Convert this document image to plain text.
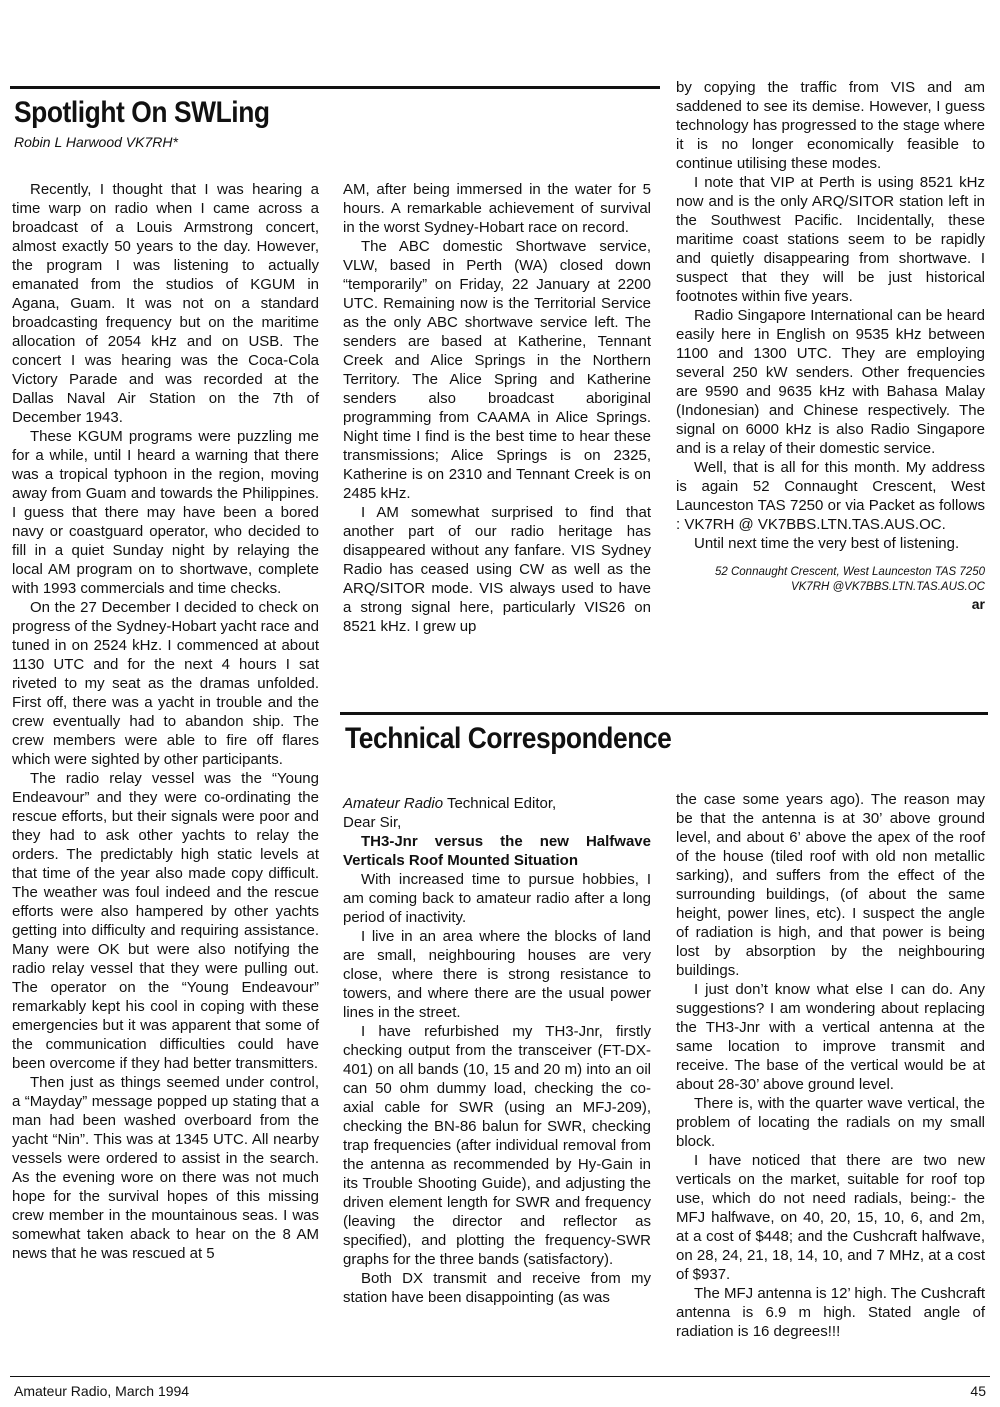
Spotlight On SWLing
Robin L Harwood VK7RH*

Recently, I thought that I was hearing a time warp on radio when I came across a broadcast of a Louis Armstrong concert, almost exactly 50 years to the day. However, the program I was listening to actually emanated from the studios of KGUM in Agana, Guam. It was not on a standard broadcasting frequency but on the maritime allocation of 2054 kHz and on USB. The concert I was hearing was the Coca-Cola Victory Parade and was recorded at the Dallas Naval Air Station on the 7th of December 1943.

These KGUM programs were puzzling me for a while, until I heard a warning that there was a tropical typhoon in the region, moving away from Guam and towards the Philippines. I guess that there may have been a bored navy or coastguard operator, who decided to fill in a quiet Sunday night by relaying the local AM program on to shortwave, complete with 1993 commercials and time checks.

On the 27 December I decided to check on progress of the Sydney-Hobart yacht race and tuned in on 2524 kHz. I commenced at about 1130 UTC and for the next 4 hours I sat riveted to my seat as the dramas unfolded. First off, there was a yacht in trouble and the crew eventually had to abandon ship. The crew members were able to fire off flares which were sighted by other participants.

The radio relay vessel was the “Young Endeavour” and they were co-ordinating the rescue efforts, but their signals were poor and they had to ask other yachts to relay the orders. The predictably high static levels at that time of the year also made copy difficult. The weather was foul indeed and the rescue efforts were also hampered by other yachts getting into difficulty and requiring assistance. Many were OK but were also notifying the radio relay vessel that they were pulling out. The operator on the “Young Endeavour” remarkably kept his cool in coping with these emergencies but it was apparent that some of the communication difficulties could have been overcome if they had better transmitters.

Then just as things seemed under control, a “Mayday” message popped up stating that a man had been washed overboard from the yacht “Nin”. This was at 1345 UTC. All nearby vessels were ordered to assist in the search. As the evening wore on there was not much hope for the survival hopes of this missing crew member in the mountainous seas. I was somewhat taken aback to hear on the 8 AM news that he was rescued at 5

AM, after being immersed in the water for 5 hours. A remarkable achievement of survival in the worst Sydney-Hobart race on record.

The ABC domestic Shortwave service, VLW, based in Perth (WA) closed down “temporarily” on Friday, 22 January at 2200 UTC. Remaining now is the Territorial Service as the only ABC shortwave service left. The senders are based at Katherine, Tennant Creek and Alice Springs in the Northern Territory. The Alice Spring and Katherine senders also broadcast aboriginal programming from CAAMA in Alice Springs. Night time I find is the best time to hear these transmissions; Alice Springs is on 2325, Katherine is on 2310 and Tennant Creek is on 2485 kHz.

I AM somewhat surprised to find that another part of our radio heritage has disappeared without any fanfare. VIS Sydney Radio has ceased using CW as well as the ARQ/SITOR mode. VIS always used to have a strong signal here, particularly VIS26 on 8521 kHz. I grew up

by copying the traffic from VIS and am saddened to see its demise. However, I guess technology has progressed to the stage where it is no longer economically feasible to continue utilising these modes.

I note that VIP at Perth is using 8521 kHz now and is the only ARQ/SITOR station left in the Southwest Pacific. Incidentally, these maritime coast stations seem to be rapidly and quietly disappearing from shortwave. I suspect that they will be just historical footnotes within five years.

Radio Singapore International can be heard easily here in English on 9535 kHz between 1100 and 1300 UTC. They are employing several 250 kW senders. Other frequencies are 9590 and 9635 kHz with Bahasa Malay (Indonesian) and Chinese respectively. The signal on 6000 kHz is also Radio Singapore and is a relay of their domestic service.

Well, that is all for this month. My address is again 52 Connaught Crescent, West Launceston TAS 7250 or via Packet as follows : VK7RH @ VK7BBS.LTN.TAS.AUS.OC.

Until next time the very best of listening.

52 Connaught Crescent, West Launceston TAS 7250
VK7RH @VK7BBS.LTN.TAS.AUS.OC
ar
Technical Correspondence

Amateur Radio Technical Editor,

Dear Sir,

TH3-Jnr versus the new Halfwave Verticals Roof Mounted Situation

With increased time to pursue hobbies, I am coming back to amateur radio after a long period of inactivity.

I live in an area where the blocks of land are small, neighbouring houses are very close, where there is strong resistance to towers, and where there are the usual power lines in the street.

I have refurbished my TH3-Jnr, firstly checking output from the transceiver (FT-DX-401) on all bands (10, 15 and 20 m) into an oil can 50 ohm dummy load, checking the co-axial cable for SWR (using an MFJ-209), checking the BN-86 balun for SWR, checking trap frequencies (after individual removal from the antenna as recommended by Hy-Gain in its Trouble Shooting Guide), and adjusting the driven element length for SWR and frequency (leaving the director and reflector as specified), and plotting the frequency-SWR graphs for the three bands (satisfactory).

Both DX transmit and receive from my station have been disappointing (as was

the case some years ago). The reason may be that the antenna is at 30’ above ground level, and about 6’ above the apex of the roof of the house (tiled roof with old non metallic sarking), and suffers from the effect of the surrounding buildings, (of about the same height, power lines, etc). I suspect the angle of radiation is high, and that power is being lost by absorption by the neighbouring buildings.

I just don’t know what else I can do. Any suggestions? I am wondering about replacing the TH3-Jnr with a vertical antenna at the same location to improve transmit and receive. The base of the vertical would be at about 28-30’ above ground level.

There is, with the quarter wave vertical, the problem of locating the radials on my small block.

I have noticed that there are two new verticals on the market, suitable for roof top use, which do not need radials, being:- the MFJ halfwave, on 40, 20, 15, 10, 6, and 2m, at a cost of $448; and the Cushcraft halfwave, on 28, 24, 21, 18, 14, 10, and 7 MHz, at a cost of $937.

The MFJ antenna is 12’ high. The Cushcraft antenna is 6.9 m high. Stated angle of radiation is 16 degrees!!!

Amateur Radio, March 1994	45
